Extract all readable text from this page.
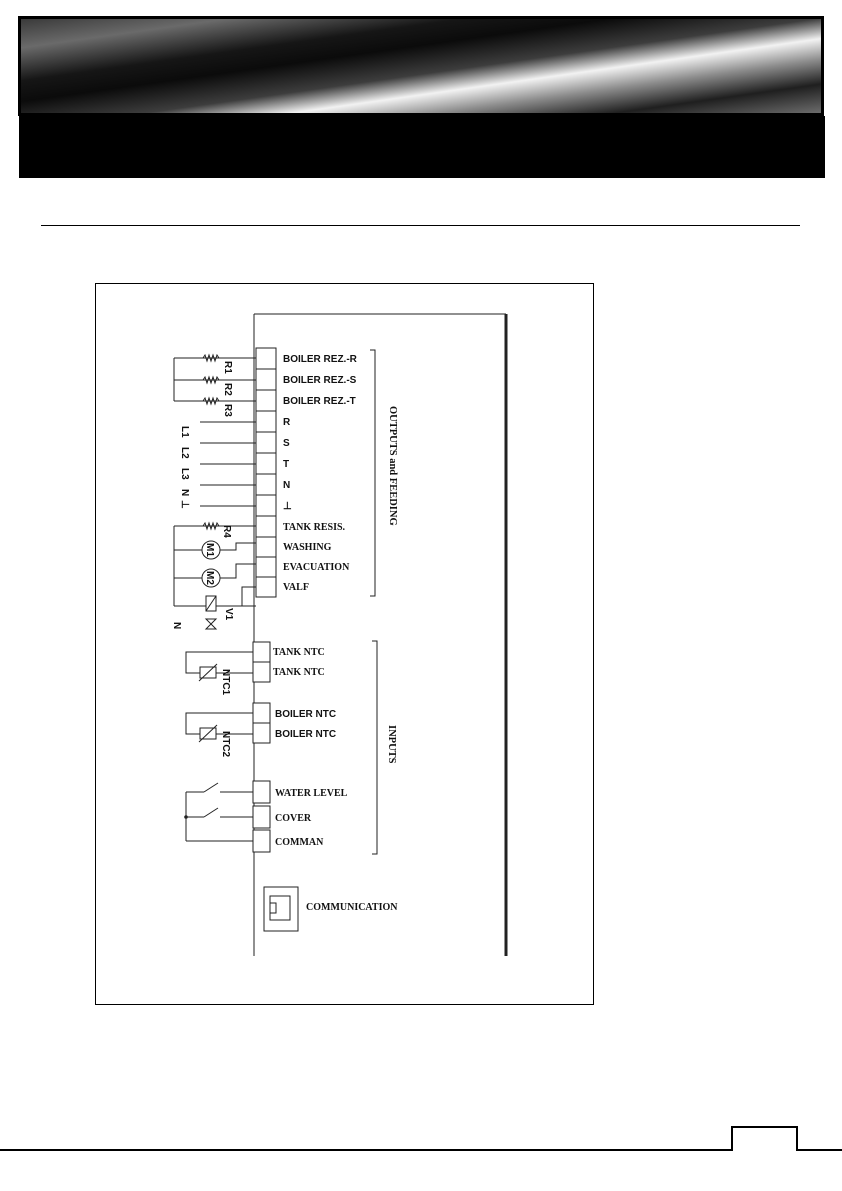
BOILER REZ.-R
BOILER REZ.-S
BOILER REZ.-T
R
S
T
N
⊥
TANK RESIS.
WASHING
EVACUATION
VALF
OUTPUTS and FEEDING
R1
R2
R3
L1
L2
L3
N
⊥
R4
M1
M2
V1
N
TANK NTC
TANK NTC
BOILER NTC
BOILER NTC
WATER LEVEL
COVER
COMMAN
INPUTS
NTC1
NTC2
COMMUNICATION
